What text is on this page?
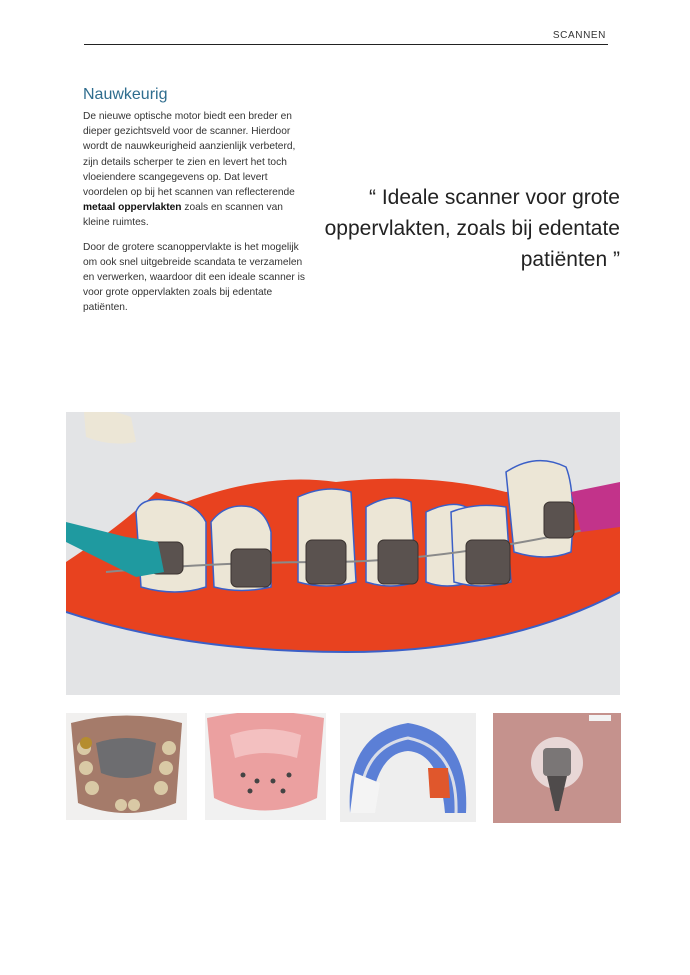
SCANNEN
Nauwkeurig

De nieuwe optische motor biedt een breder en dieper gezichtsveld voor de scanner. Hierdoor wordt de nauwkeurigheid aanzienlijk verbeterd, zijn details scherper te zien en levert het toch vloeiendere scangegevens op. Dat levert voordelen op bij het scannen van reflecterende metaal oppervlakten zoals en scannen van kleine ruimtes.

Door de grotere scanoppervlakte is het mogelijk om ook snel uitgebreide scandata te verzamelen en verwerken, waardoor dit een ideale scanner is voor grote oppervlakten zoals bij edentate patiënten.

“ Ideale scanner voor grote oppervlakten, zoals bij edentate patiënten ”
